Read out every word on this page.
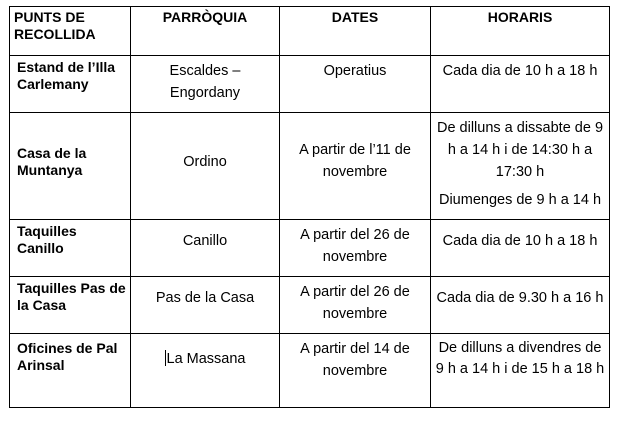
PUNTS DE RECOLLIDA	PARRÒQUIA	DATES	HORARIS
Estand de l’Illa Carlemany	Escaldes – Engordany	Operatius	Cada dia de 10 h a 18 h

Casa de la Muntanya	Ordino	A partir de l’11 de novembre	De dilluns a dissabte de 9 h a 14 h i de 14:30 h a 17:30 h
Diumenges de 9 h a 14 h

Taquilles Canillo	Canillo	A partir del 26 de novembre	Cada dia de 10 h a 18 h

Taquilles Pas de la Casa	Pas de la Casa	A partir del 26 de novembre	Cada dia de 9.30 h a 16 h

Oficines de Pal Arinsal	La Massana	A partir del 14 de novembre	De dilluns a divendres de 9 h a 14 h i de 15 h a 18 h
